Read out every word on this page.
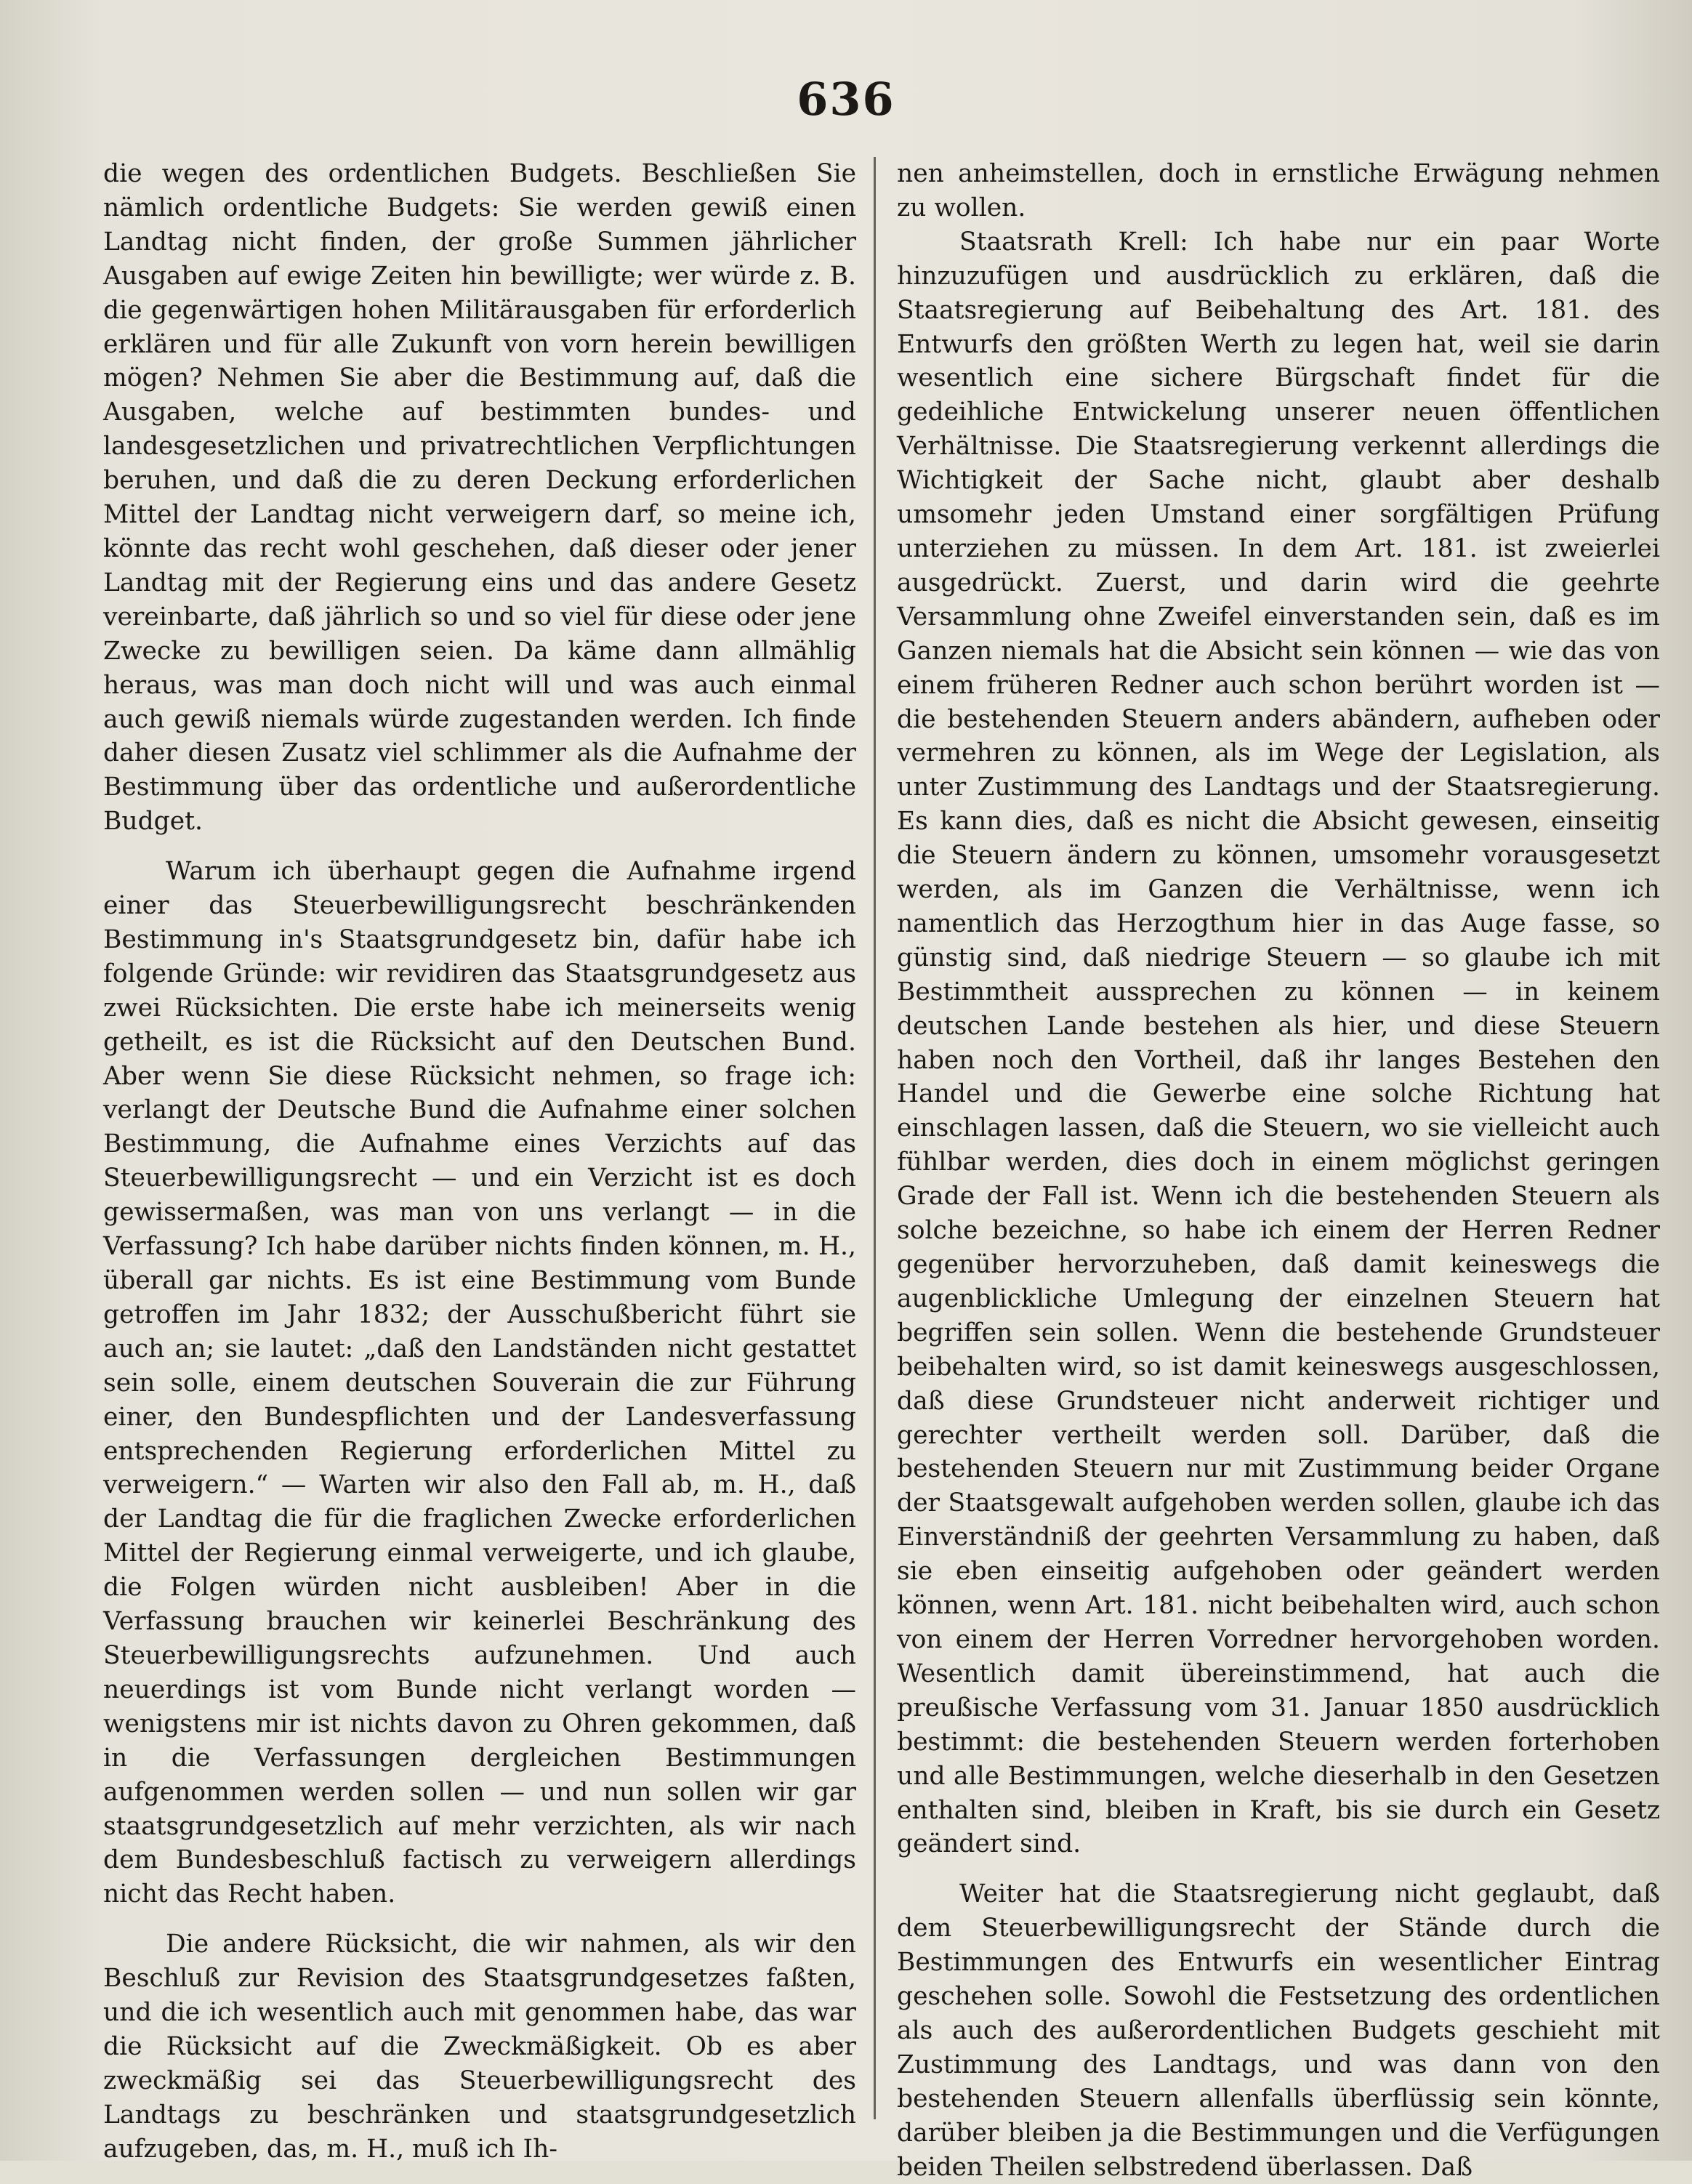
636

die wegen des ordentlichen Budgets. Beschließen Sie nämlich ordentliche Budgets: Sie werden gewiß einen Landtag nicht finden, der große Summen jährlicher Ausgaben auf ewige Zeiten hin bewilligte; wer würde z. B. die gegenwärtigen hohen Militärausgaben für erforderlich erklären und für alle Zukunft von vorn herein bewilligen mögen? Nehmen Sie aber die Bestimmung auf, daß die Ausgaben, welche auf bestimmten bundes- und landesgesetzlichen und privatrechtlichen Verpflichtungen beruhen, und daß die zu deren Deckung erforderlichen Mittel der Landtag nicht verweigern darf, so meine ich, könnte das recht wohl geschehen, daß dieser oder jener Landtag mit der Regierung eins und das andere Gesetz vereinbarte, daß jährlich so und so viel für diese oder jene Zwecke zu bewilligen seien. Da käme dann allmählig heraus, was man doch nicht will und was auch einmal auch gewiß niemals würde zugestanden werden. Ich finde daher diesen Zusatz viel schlimmer als die Aufnahme der Bestimmung über das ordentliche und außerordentliche Budget.

Warum ich überhaupt gegen die Aufnahme irgend einer das Steuerbewilligungsrecht beschränkenden Bestimmung in's Staatsgrundgesetz bin, dafür habe ich folgende Gründe: wir revidiren das Staatsgrundgesetz aus zwei Rücksichten. Die erste habe ich meinerseits wenig getheilt, es ist die Rücksicht auf den Deutschen Bund. Aber wenn Sie diese Rücksicht nehmen, so frage ich: verlangt der Deutsche Bund die Aufnahme einer solchen Bestimmung, die Aufnahme eines Verzichts auf das Steuerbewilligungsrecht — und ein Verzicht ist es doch gewissermaßen, was man von uns verlangt — in die Verfassung? Ich habe darüber nichts finden können, m. H., überall gar nichts. Es ist eine Bestimmung vom Bunde getroffen im Jahr 1832; der Ausschußbericht führt sie auch an; sie lautet: „daß den Landständen nicht gestattet sein solle, einem deutschen Souverain die zur Führung einer, den Bundespflichten und der Landesverfassung entsprechenden Regierung erforderlichen Mittel zu verweigern.“ — Warten wir also den Fall ab, m. H., daß der Landtag die für die fraglichen Zwecke erforderlichen Mittel der Regierung einmal verweigerte, und ich glaube, die Folgen würden nicht ausbleiben! Aber in die Verfassung brauchen wir keinerlei Beschränkung des Steuerbewilligungsrechts aufzunehmen. Und auch neuerdings ist vom Bunde nicht verlangt worden — wenigstens mir ist nichts davon zu Ohren gekommen, daß in die Verfassungen dergleichen Bestimmungen aufgenommen werden sollen — und nun sollen wir gar staatsgrundgesetzlich auf mehr verzichten, als wir nach dem Bundesbeschluß factisch zu verweigern allerdings nicht das Recht haben.

Die andere Rücksicht, die wir nahmen, als wir den Beschluß zur Revision des Staatsgrundgesetzes faßten, und die ich wesentlich auch mit genommen habe, das war die Rücksicht auf die Zweckmäßigkeit. Ob es aber zweckmäßig sei das Steuerbewilligungsrecht des Landtags zu beschränken und staatsgrundgesetzlich aufzugeben, das, m. H., muß ich Ih-

nen anheimstellen, doch in ernstliche Erwägung nehmen zu wollen.

Staatsrath Krell: Ich habe nur ein paar Worte hinzuzufügen und ausdrücklich zu erklären, daß die Staatsregierung auf Beibehaltung des Art. 181. des Entwurfs den größten Werth zu legen hat, weil sie darin wesentlich eine sichere Bürgschaft findet für die gedeihliche Entwickelung unserer neuen öffentlichen Verhältnisse. Die Staatsregierung verkennt allerdings die Wichtigkeit der Sache nicht, glaubt aber deshalb umsomehr jeden Umstand einer sorgfältigen Prüfung unterziehen zu müssen. In dem Art. 181. ist zweierlei ausgedrückt. Zuerst, und darin wird die geehrte Versammlung ohne Zweifel einverstanden sein, daß es im Ganzen niemals hat die Absicht sein können — wie das von einem früheren Redner auch schon berührt worden ist — die bestehenden Steuern anders abändern, aufheben oder vermehren zu können, als im Wege der Legislation, als unter Zustimmung des Landtags und der Staatsregierung. Es kann dies, daß es nicht die Absicht gewesen, einseitig die Steuern ändern zu können, umsomehr vorausgesetzt werden, als im Ganzen die Verhältnisse, wenn ich namentlich das Herzogthum hier in das Auge fasse, so günstig sind, daß niedrige Steuern — so glaube ich mit Bestimmtheit aussprechen zu können — in keinem deutschen Lande bestehen als hier, und diese Steuern haben noch den Vortheil, daß ihr langes Bestehen den Handel und die Gewerbe eine solche Richtung hat einschlagen lassen, daß die Steuern, wo sie vielleicht auch fühlbar werden, dies doch in einem möglichst geringen Grade der Fall ist. Wenn ich die bestehenden Steuern als solche bezeichne, so habe ich einem der Herren Redner gegenüber hervorzuheben, daß damit keineswegs die augenblickliche Umlegung der einzelnen Steuern hat begriffen sein sollen. Wenn die bestehende Grundsteuer beibehalten wird, so ist damit keineswegs ausgeschlossen, daß diese Grundsteuer nicht anderweit richtiger und gerechter vertheilt werden soll. Darüber, daß die bestehenden Steuern nur mit Zustimmung beider Organe der Staatsgewalt aufgehoben werden sollen, glaube ich das Einverständniß der geehrten Versammlung zu haben, daß sie eben einseitig aufgehoben oder geändert werden können, wenn Art. 181. nicht beibehalten wird, auch schon von einem der Herren Vorredner hervorgehoben worden. Wesentlich damit übereinstimmend, hat auch die preußische Verfassung vom 31. Januar 1850 ausdrücklich bestimmt: die bestehenden Steuern werden forterhoben und alle Bestimmungen, welche dieserhalb in den Gesetzen enthalten sind, bleiben in Kraft, bis sie durch ein Gesetz geändert sind.

Weiter hat die Staatsregierung nicht geglaubt, daß dem Steuerbewilligungsrecht der Stände durch die Bestimmungen des Entwurfs ein wesentlicher Eintrag geschehen solle. Sowohl die Festsetzung des ordentlichen als auch des außerordentlichen Budgets geschieht mit Zustimmung des Landtags, und was dann von den bestehenden Steuern allenfalls überflüssig sein könnte, darüber bleiben ja die Bestimmungen und die Verfügungen beiden Theilen selbstredend überlassen. Daß
